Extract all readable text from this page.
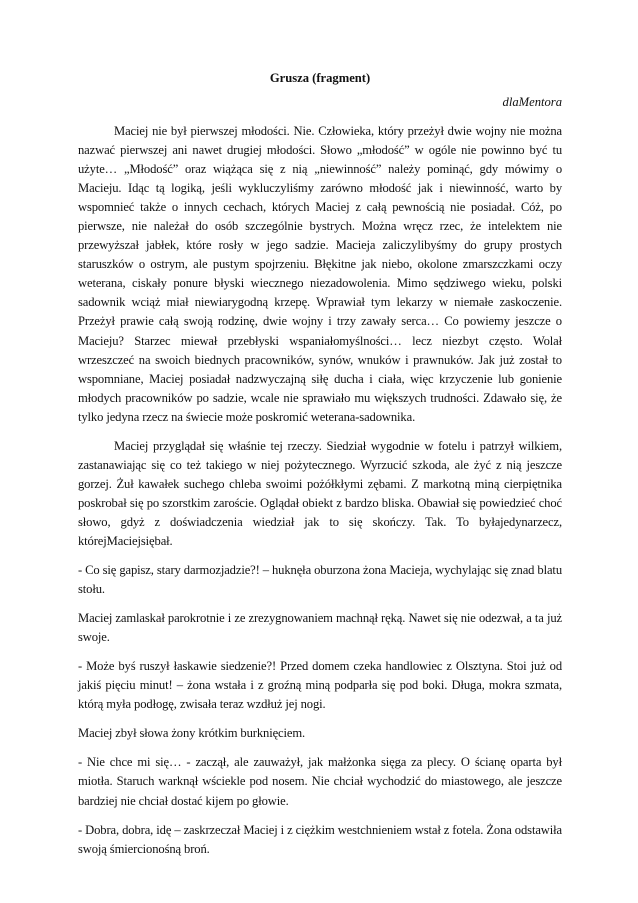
Grusza (fragment)
dlaMentora

Maciej nie był pierwszej młodości. Nie. Człowieka, który przeżył dwie wojny nie można nazwać pierwszej ani nawet drugiej młodości. Słowo „młodość” w ogóle nie powinno być tu użyte… „Młodość” oraz wiążąca się z nią „niewinność” należy pominąć, gdy mówimy o Macieju. Idąc tą logiką, jeśli wykluczyliśmy zarówno młodość jak i niewinność, warto by wspomnieć także o innych cechach, których Maciej z całą pewnością nie posiadał. Cóż, po pierwsze, nie należał do osób szczególnie bystrych. Można wręcz rzec, że intelektem nie przewyższał jabłek, które rosły w jego sadzie. Macieja zaliczylibyśmy do grupy prostych staruszków o ostrym, ale pustym spojrzeniu. Błękitne jak niebo, okolone zmarszczkami oczy weterana, ciskały ponure błyski wiecznego niezadowolenia. Mimo sędziwego wieku, polski sadownik wciąż miał niewiarygodną krzepę. Wprawiał tym lekarzy w niemałe zaskoczenie. Przeżył prawie całą swoją rodzinę, dwie wojny i trzy zawały serca… Co powiemy jeszcze o Macieju? Starzec miewał przebłyski wspaniałomyślności… lecz niezbyt często. Wolał wrzeszczeć na swoich biednych pracowników, synów, wnuków i prawnuków. Jak już został to wspomniane, Maciej posiadał nadzwyczajną siłę ducha i ciała, więc krzyczenie lub gonienie młodych pracowników po sadzie, wcale nie sprawiało mu większych trudności. Zdawało się, że tylko jedyna rzecz na świecie może poskromić weterana-sadownika.

Maciej przyglądał się właśnie tej rzeczy. Siedział wygodnie w fotelu i patrzył wilkiem, zastanawiając się co też takiego w niej pożytecznego. Wyrzucić szkoda, ale żyć z nią jeszcze gorzej. Żuł kawałek suchego chleba swoimi pożółkłymi zębami. Z markotną miną cierpiętnika poskrobał się po szorstkim zaroście. Oglądał obiekt z bardzo bliska. Obawiał się powiedzieć choć słowo, gdyż z doświadczenia wiedział jak to się skończy. Tak. To byłajedynarzecz, którejMaciejsiębał.

- Co się gapisz, stary darmozjadzie?! – huknęła oburzona żona Macieja, wychylając się znad blatu stołu.

Maciej zamlaskał parokrotnie i ze zrezygnowaniem machnął ręką. Nawet się nie odezwał, a ta już swoje.

- Może byś ruszył łaskawie siedzenie?! Przed domem czeka handlowiec z Olsztyna. Stoi już od jakiś pięciu minut! – żona wstała i z groźną miną podparła się pod boki. Długa, mokra szmata, którą myła podłogę, zwisała teraz wzdłuż jej nogi.

Maciej zbył słowa żony krótkim burknięciem.

- Nie chce mi się… - zaczął, ale zauważył, jak małżonka sięga za plecy. O ścianę oparta był miotła. Staruch warknął wściekle pod nosem. Nie chciał wychodzić do miastowego, ale jeszcze bardziej nie chciał dostać kijem po głowie.

- Dobra, dobra, idę – zaskrzeczał Maciej i z ciężkim westchnieniem wstał z fotela. Żona odstawiła swoją śmiercionośną broń.
